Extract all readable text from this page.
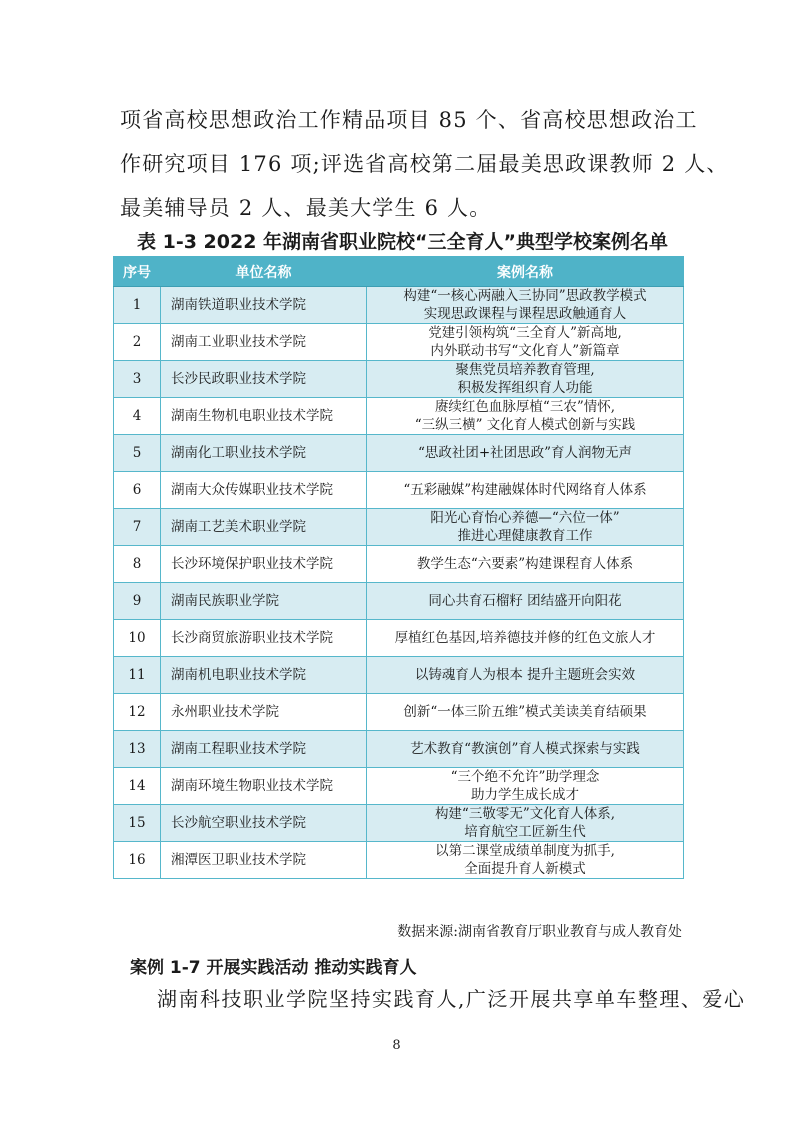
项省高校思想政治工作精品项目 85 个、省高校思想政治工
作研究项目 176 项;评选省高校第二届最美思政课教师 2 人、
最美辅导员 2 人、最美大学生 6 人。
表 1-3 2022 年湖南省职业院校“三全育人”典型学校案例名单
序号	单位名称	案例名称
1	湖南铁道职业技术学院	构建“一核心两融入三协同”思政教学模式
实现思政课程与课程思政触通育人

2	湖南工业职业技术学院	党建引领构筑“三全育人”新高地,
内外联动书写“文化育人”新篇章

3	长沙民政职业技术学院	聚焦党员培养教育管理,
积极发挥组织育人功能

4	湖南生物机电职业技术学院	赓续红色血脉厚植“三农”情怀,
“三纵三横” 文化育人模式创新与实践

5	湖南化工职业技术学院	“思政社团+社团思政”育人润物无声

6	湖南大众传媒职业技术学院	“五彩融媒”构建融媒体时代网络育人体系

7	湖南工艺美术职业学院	阳光心育怡心养德—“六位一体”
推进心理健康教育工作

8	长沙环境保护职业技术学院	教学生态“六要素”构建课程育人体系

9	湖南民族职业学院	同心共育石榴籽 团结盛开向阳花

10	长沙商贸旅游职业技术学院	厚植红色基因,培养德技并修的红色文旅人才

11	湖南机电职业技术学院	以铸魂育人为根本 提升主题班会实效

12	永州职业技术学院	创新“一体三阶五维”模式美读美育结硕果

13	湖南工程职业技术学院	艺术教育“教演创”育人模式探索与实践

14	湖南环境生物职业技术学院	“三个绝不允许”助学理念
助力学生成长成才

15	长沙航空职业技术学院	构建“三敬零无”文化育人体系,
培育航空工匠新生代

16	湘潭医卫职业技术学院	以第二课堂成绩单制度为抓手,
全面提升育人新模式
数据来源:湖南省教育厅职业教育与成人教育处
案例 1-7 开展实践活动 推动实践育人
湖南科技职业学院坚持实践育人,广泛开展共享单车整理、爱心
8
